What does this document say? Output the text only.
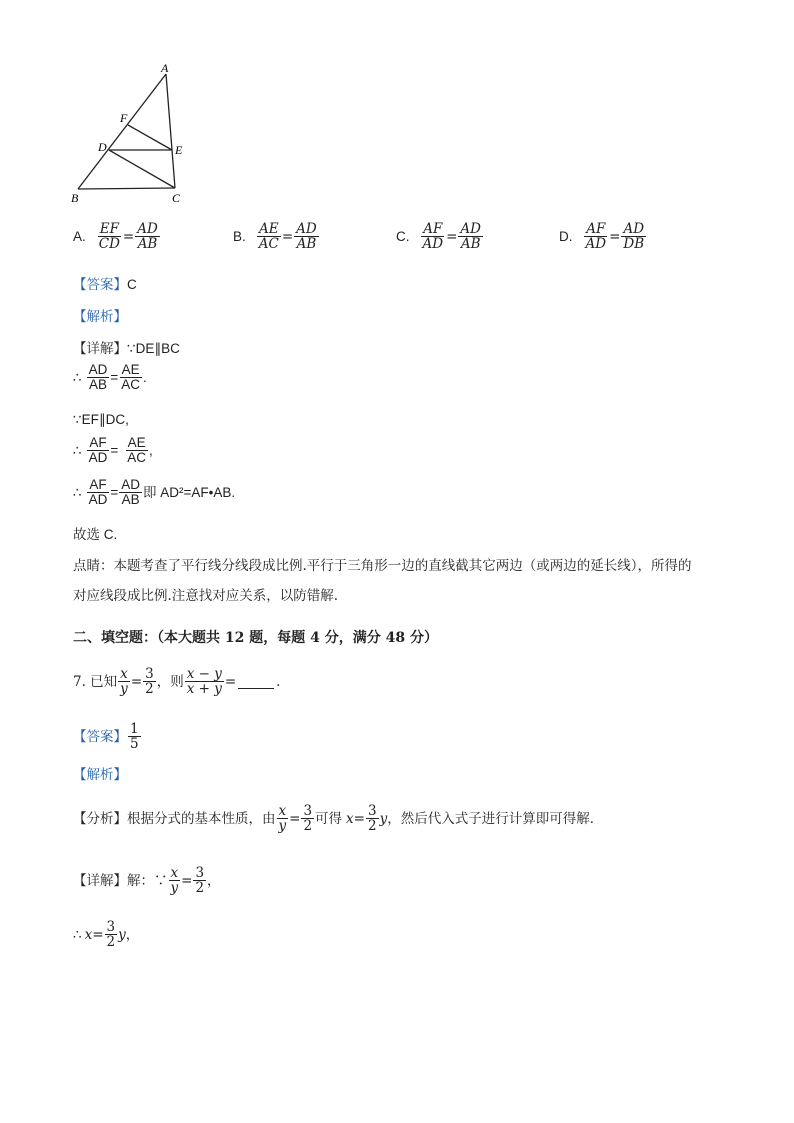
A
F
D	E
B	C
A. $\frac{EF}{CD} = \frac{AD}{AB}$	B. $\frac{AE}{AC} = \frac{AD}{AB}$	C. $\frac{AF}{AD} = \frac{AD}{AB}$	D. $\frac{AF}{AD} = \frac{AD}{DB}$
【答案】C
【解析】
【详解】∵DE∥BC
∴ $\frac{AD}{AB} = \frac{AE}{AC}$ .
∵EF∥DC,
∴ $\frac{AF}{AD} = \frac{AE}{AC}$ ,
∴ $\frac{AF}{AD} = \frac{AD}{AB}$ 即 AD²=AF•AB.
故选 C.
点睛：本题考查了平行线分线段成比例.平行于三角形一边的直线截其它两边（或两边的延长线），所得的
对应线段成比例.注意找对应关系，以防错解.
二、填空题：（本大题共 12 题，每题 4 分，满分 48 分）
7. 已知 $\frac{x}{y} = \frac{3}{2}$ ，则 $\frac{x - y}{x + y}$ =	.
【答案】 $\frac{1}{5}$
【解析】
【分析】 根据分式的基本性质，由 $\frac{x}{y} = \frac{3}{2}$ 可得 $x = \frac{3}{2}$ y ，然后代入式子进行计算即可得解．
【详解】 解：∵ $\frac{x}{y} = \frac{3}{2}$ ，
∴ $x = \frac{3}{2}$ y ，
